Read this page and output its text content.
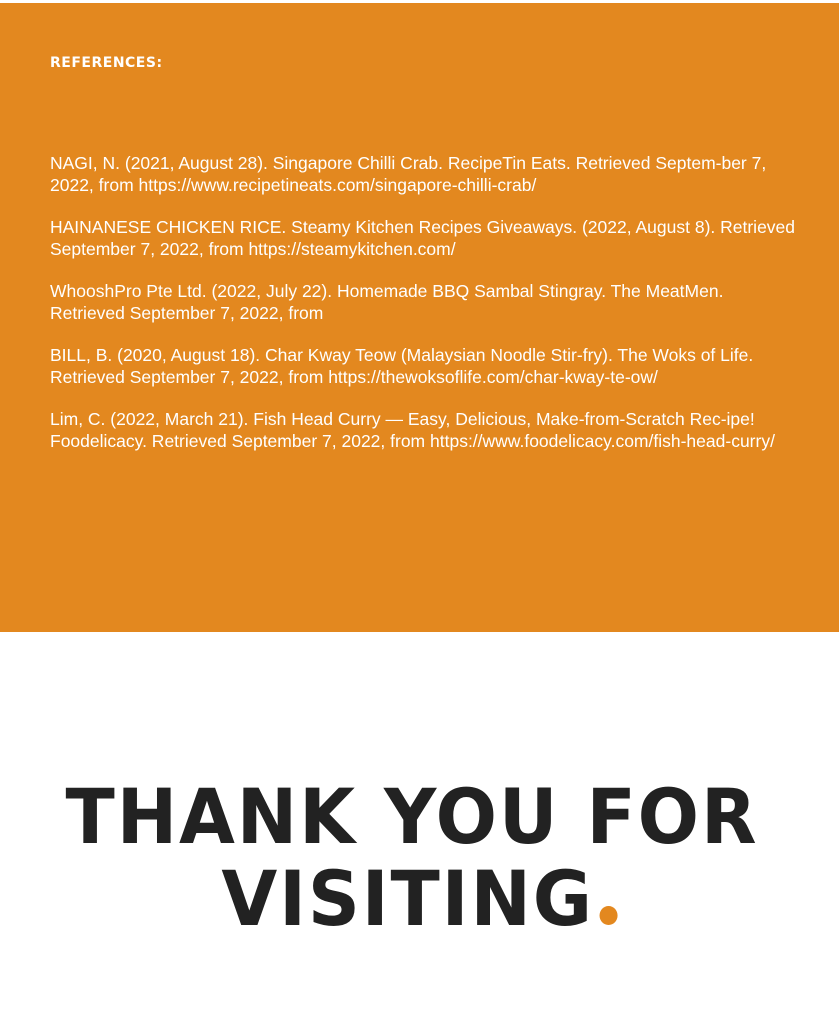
REFERENCES:
NAGI, N. (2021, August 28). Singapore Chilli Crab. RecipeTin Eats. Retrieved Septem-ber 7, 2022, from https://www.recipetineats.com/singapore-chilli-crab/
HAINANESE CHICKEN RICE. Steamy Kitchen Recipes Giveaways. (2022, August 8). Retrieved September 7, 2022, from https://steamykitchen.com/
WhooshPro Pte Ltd. (2022, July 22). Homemade BBQ Sambal Stingray. The MeatMen. Retrieved September 7, 2022, from
BILL, B. (2020, August 18). Char Kway Teow (Malaysian Noodle Stir-fry). The Woks of Life. Retrieved September 7, 2022, from https://thewoksoflife.com/char-kway-te-ow/
Lim, C. (2022, March 21). Fish Head Curry — Easy, Delicious, Make-from-Scratch Rec-ipe! Foodelicacy. Retrieved September 7, 2022, from https://www.foodelicacy.com/fish-head-curry/
THANK YOU FOR
VISITING
